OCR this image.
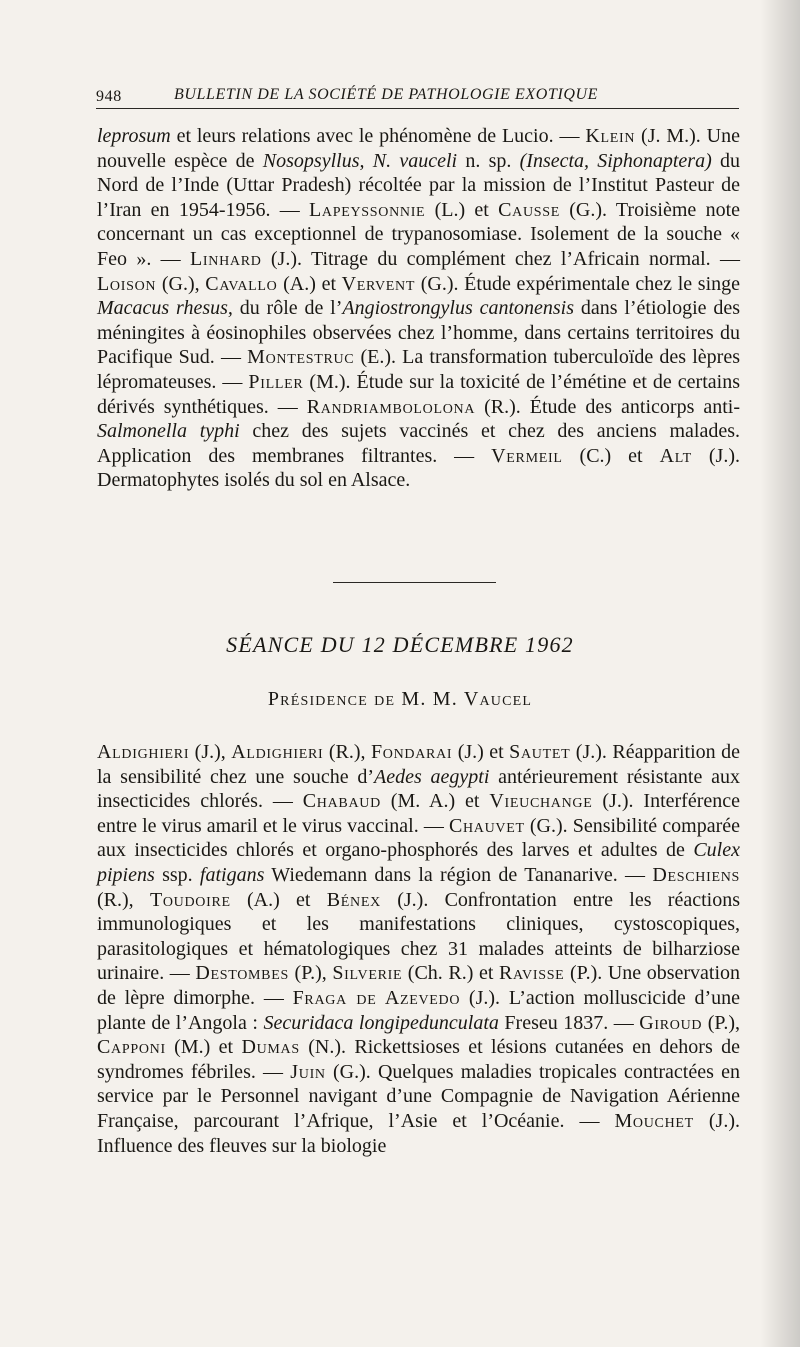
948	BULLETIN DE LA SOCIÉTÉ DE PATHOLOGIE EXOTIQUE
leprosum et leurs relations avec le phénomène de Lucio. — Klein (J. M.). Une nouvelle espèce de Nosopsyllus, N. vauceli n. sp. (Insecta, Siphonaptera) du Nord de l’Inde (Uttar Pradesh) récoltée par la mission de l’Institut Pasteur de l’Iran en 1954-1956. — Lapeyssonnie (L.) et Causse (G.). Troisième note concernant un cas exceptionnel de trypanosomiase. Isolement de la souche « Feo ». — Linhard (J.). Titrage du complément chez l’Africain normal. — Loison (G.), Cavallo (A.) et Vervent (G.). Étude expérimentale chez le singe Macacus rhesus, du rôle de l’Angiostrongylus cantonensis dans l’étiologie des méningites à éosinophiles observées chez l’homme, dans certains territoires du Pacifique Sud. — Montestruc (E.). La transformation tuberculoïde des lèpres lépromateuses. — Piller (M.). Étude sur la toxicité de l’émétine et de certains dérivés synthétiques. — Randriambololona (R.). Étude des anticorps anti-Salmonella typhi chez des sujets vaccinés et chez des anciens malades. Application des membranes filtrantes. — Vermeil (C.) et Alt (J.). Dermatophytes isolés du sol en Alsace.
SÉANCE DU 12 DÉCEMBRE 1962
Présidence de M. M. Vaucel
Aldighieri (J.), Aldighieri (R.), Fondarai (J.) et Sautet (J.). Réapparition de la sensibilité chez une souche d’Aedes aegypti antérieurement résistante aux insecticides chlorés. — Chabaud (M. A.) et Vieuchange (J.). Interférence entre le virus amaril et le virus vaccinal. — Chauvet (G.). Sensibilité comparée aux insecticides chlorés et organo-phosphorés des larves et adultes de Culex pipiens ssp. fatigans Wiedemann dans la région de Tananarive. — Deschiens (R.), Toudoire (A.) et Bénex (J.). Confrontation entre les réactions immunologiques et les manifestations cliniques, cystoscopiques, parasitologiques et hématologiques chez 31 malades atteints de bilharziose urinaire. — Destombes (P.), Silverie (Ch. R.) et Ravisse (P.). Une observation de lèpre dimorphe. — Fraga de Azevedo (J.). L’action molluscicide d’une plante de l’Angola : Securidaca longipedunculata Freseu 1837. — Giroud (P.), Capponi (M.) et Dumas (N.). Rickettsioses et lésions cutanées en dehors de syndromes fébriles. — Juin (G.). Quelques maladies tropicales contractées en service par le Personnel navigant d’une Compagnie de Navigation Aérienne Française, parcourant l’Afrique, l’Asie et l’Océanie. — Mouchet (J.). Influence des fleuves sur la biologie
